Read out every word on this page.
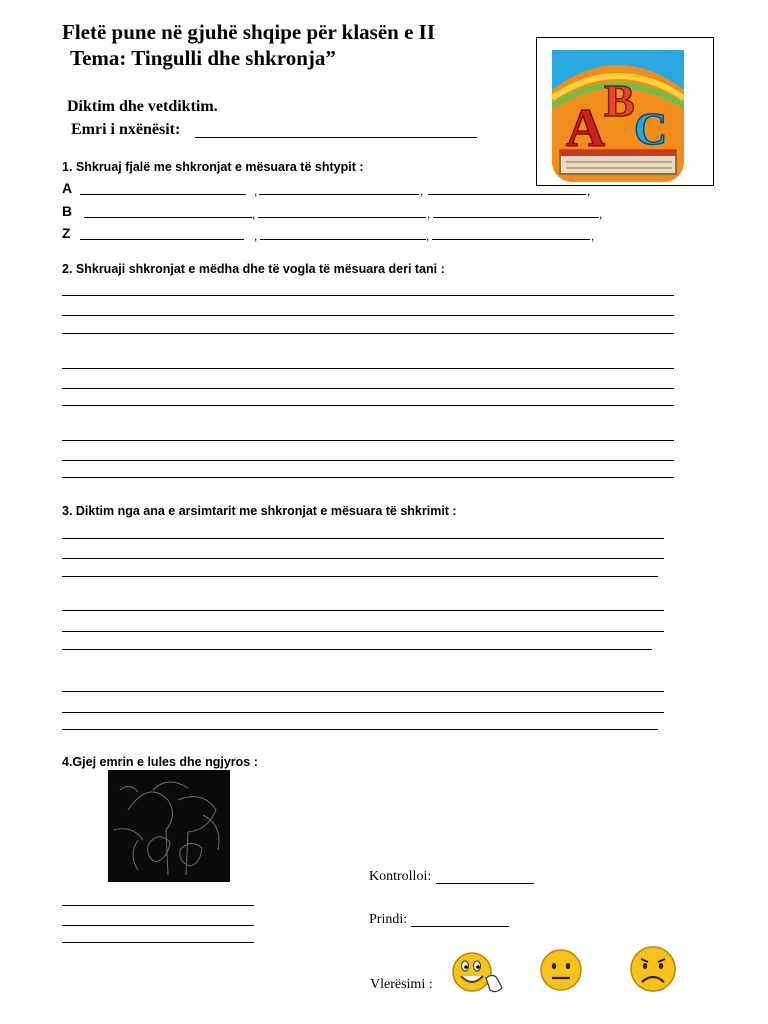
Fletë pune në gjuhë shqipe për klasën e II
Tema: Tingulli dhe shkronja”
Diktim dhe vetdiktim.
Emri i nxënësit:	A B
C
1. Shkruaj fjalë me shkronjat e mësuara të shtypit :
A	,	,	,
B	,	,	,
Z	,	,	,
2. Shkruaji shkronjat e mëdha dhe të vogla të mësuara deri tani :
3. Diktim nga ana e arsimtarit me shkronjat e mësuara të shkrimit :
4.Gjej emrin e lules dhe ngjyros :
Kontrolloi:
Prindi:
Vlerësimi :
